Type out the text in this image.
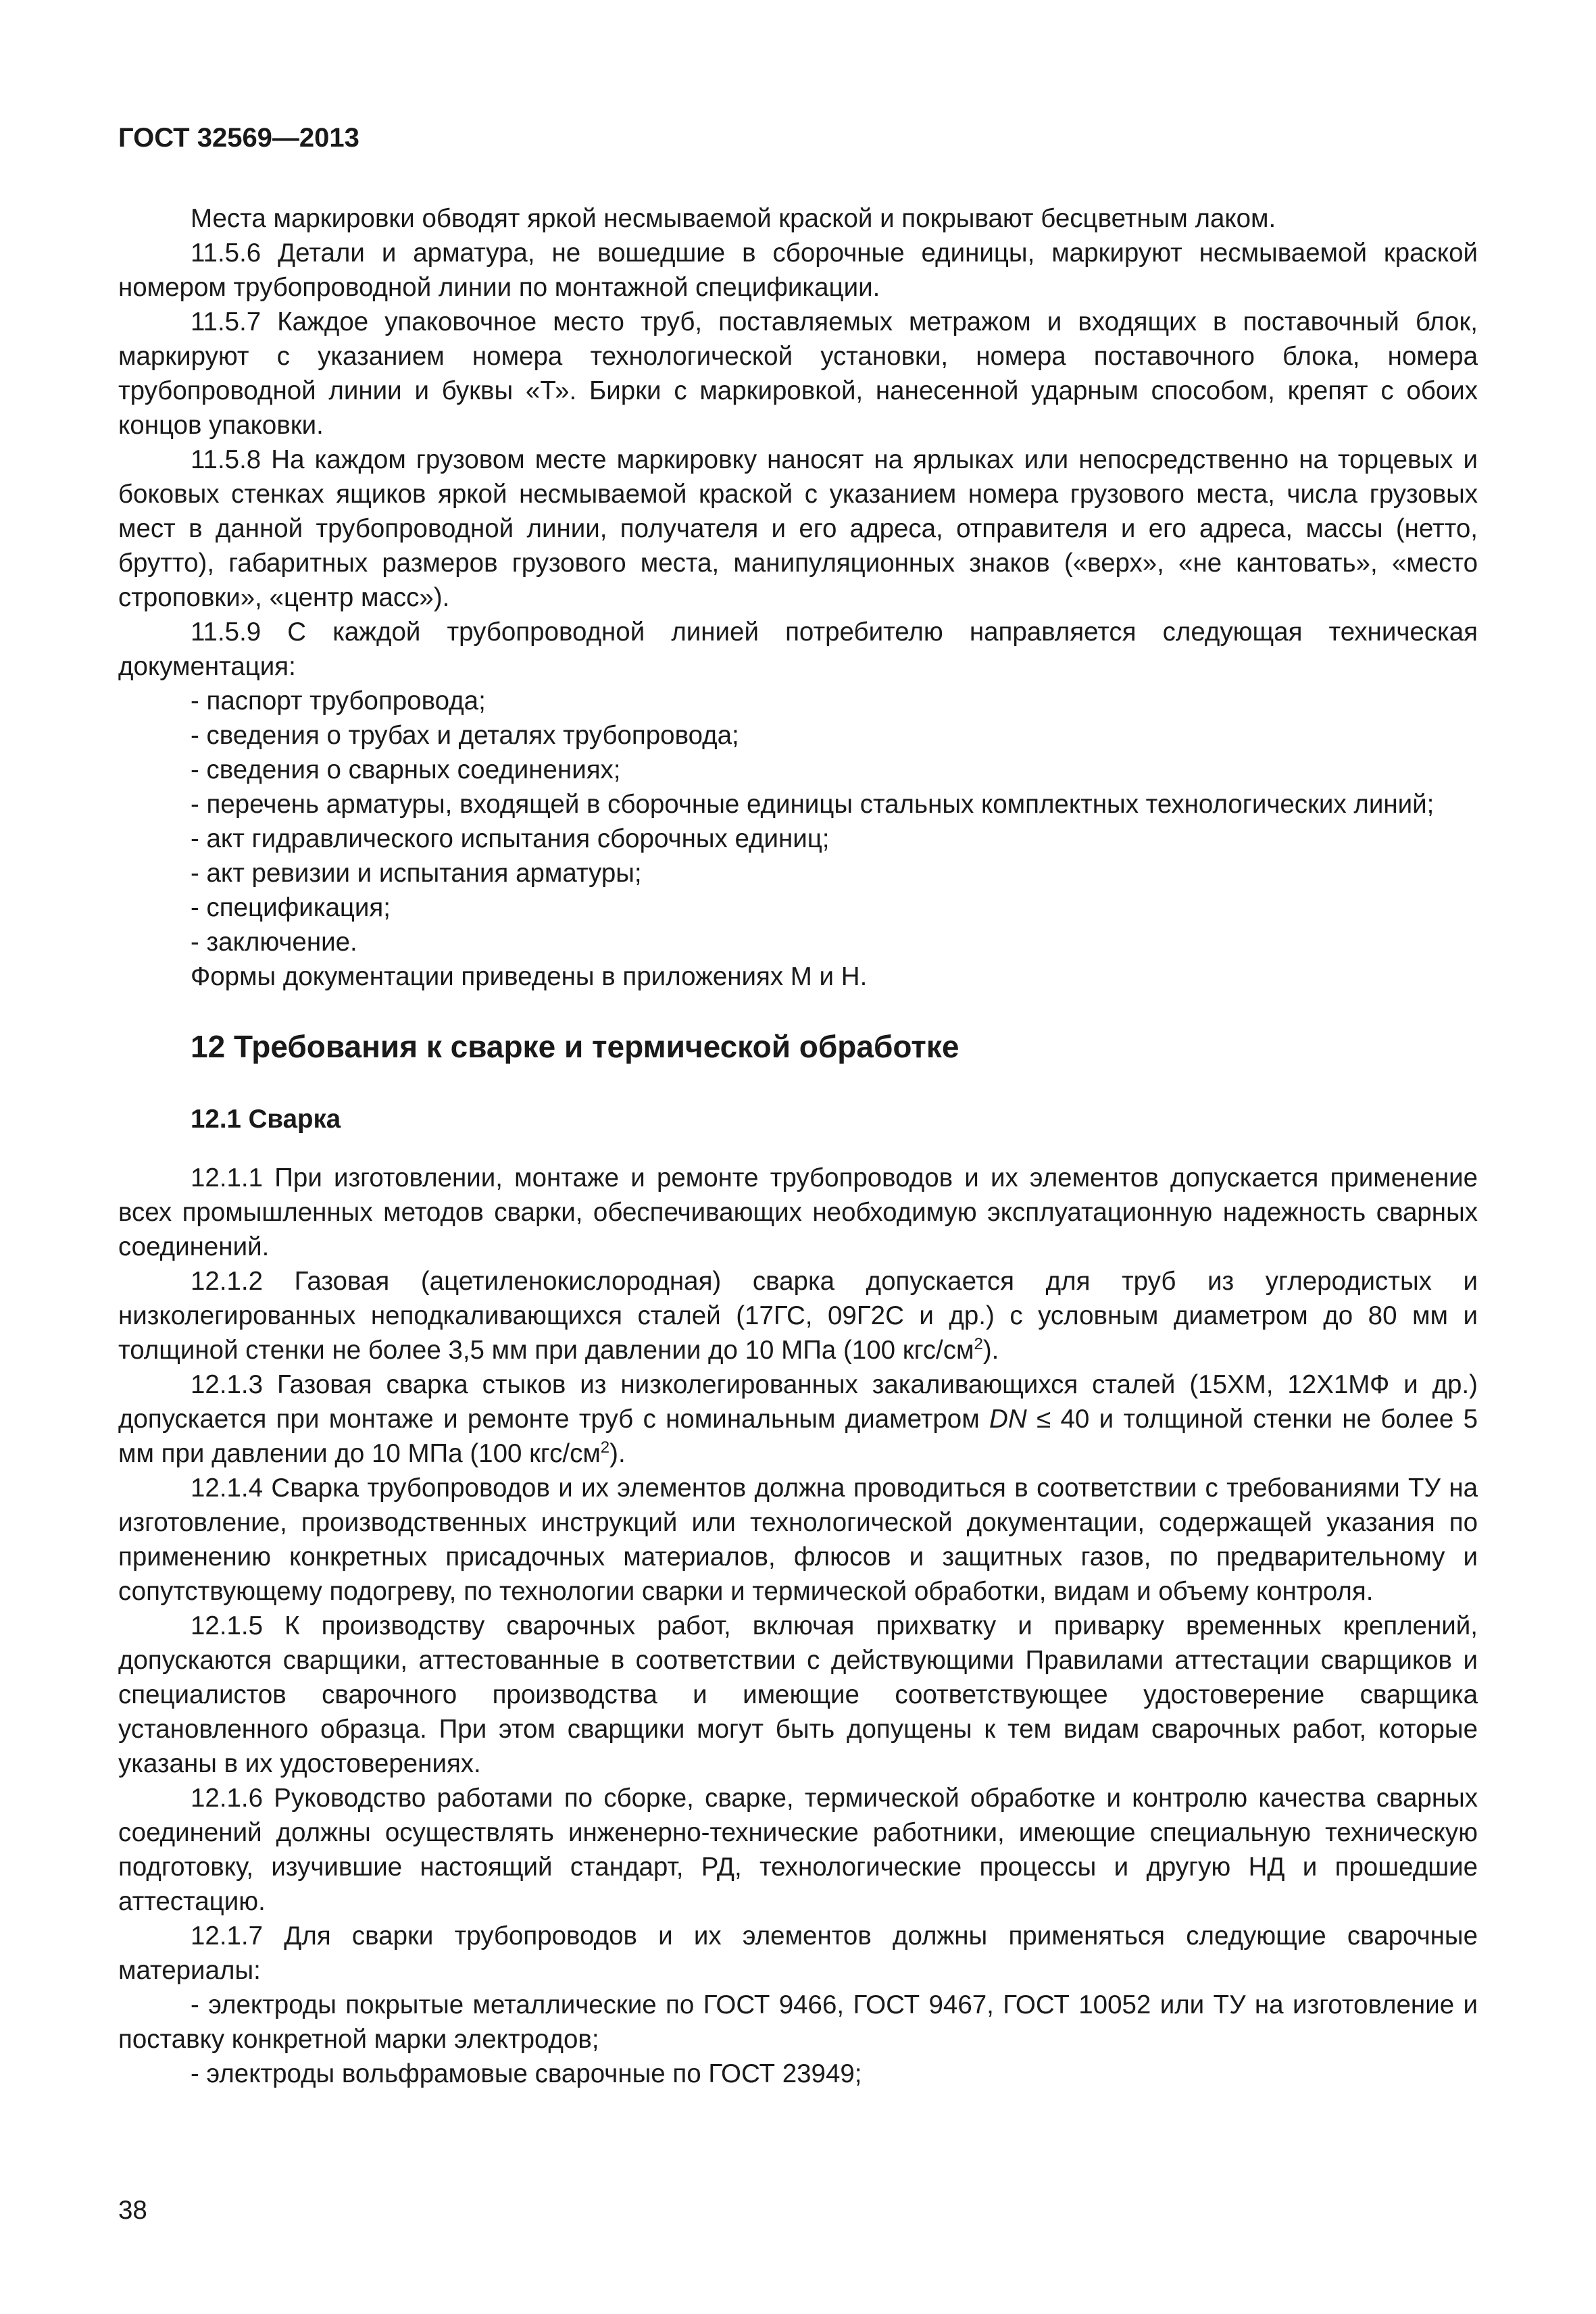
ГОСТ 32569—2013

Места маркировки обводят яркой несмываемой краской и покрывают бесцветным лаком.

11.5.6 Детали и арматура, не вошедшие в сборочные единицы, маркируют несмываемой краской номером трубопроводной линии по монтажной спецификации.

11.5.7 Каждое упаковочное место труб, поставляемых метражом и входящих в поставочный блок, маркируют с указанием номера технологической установки, номера поставочного блока, номера трубопроводной линии и буквы «Т». Бирки с маркировкой, нанесенной ударным способом, крепят с обоих концов упаковки.

11.5.8 На каждом грузовом месте маркировку наносят на ярлыках или непосредственно на торцевых и боковых стенках ящиков яркой несмываемой краской с указанием номера грузового места, числа грузовых мест в данной трубопроводной линии, получателя и его адреса, отправителя и его адреса, массы (нетто, брутто), габаритных размеров грузового места, манипуляционных знаков («верх», «не кантовать», «место строповки», «центр масс»).

11.5.9 С каждой трубопроводной линией потребителю направляется следующая техническая документация:

- паспорт трубопровода;

- сведения о трубах и деталях трубопровода;

- сведения о сварных соединениях;

- перечень арматуры, входящей в сборочные единицы стальных комплектных технологических линий;

- акт гидравлического испытания сборочных единиц;

- акт ревизии и испытания арматуры;

- спецификация;

- заключение.

Формы документации приведены в приложениях М и Н.

12 Требования к сварке и термической обработке
12.1 Сварка

12.1.1 При изготовлении, монтаже и ремонте трубопроводов и их элементов допускается применение всех промышленных методов сварки, обеспечивающих необходимую эксплуатационную надежность сварных соединений.

12.1.2 Газовая (ацетиленокислородная) сварка допускается для труб из углеродистых и низколегированных неподкаливающихся сталей (17ГС, 09Г2С и др.) с условным диаметром до 80 мм и толщиной стенки не более 3,5 мм при давлении до 10 МПа (100 кгс/$см^2$).

12.1.3 Газовая сварка стыков из низколегированных закаливающихся сталей (15ХМ, 12Х1МФ и др.) допускается при монтаже и ремонте труб с номинальным диаметром DN ≤ 40 и толщиной стенки не более 5 мм при давлении до 10 МПа (100 кгс/$см^2$).

12.1.4 Сварка трубопроводов и их элементов должна проводиться в соответствии с требованиями ТУ на изготовление, производственных инструкций или технологической документации, содержащей указания по применению конкретных присадочных материалов, флюсов и защитных газов, по предварительному и сопутствующему подогреву, по технологии сварки и термической обработки, видам и объему контроля.

12.1.5 К производству сварочных работ, включая прихватку и приварку временных креплений, допускаются сварщики, аттестованные в соответствии с действующими Правилами аттестации сварщиков и специалистов сварочного производства и имеющие соответствующее удостоверение сварщика установленного образца. При этом сварщики могут быть допущены к тем видам сварочных работ, которые указаны в их удостоверениях.

12.1.6 Руководство работами по сборке, сварке, термической обработке и контролю качества сварных соединений должны осуществлять инженерно-технические работники, имеющие специальную техническую подготовку, изучившие настоящий стандарт, РД, технологические процессы и другую НД и прошедшие аттестацию.

12.1.7 Для сварки трубопроводов и их элементов должны применяться следующие сварочные материалы:

- электроды покрытые металлические по ГОСТ 9466, ГОСТ 9467, ГОСТ 10052 или ТУ на изготовление и поставку конкретной марки электродов;

- электроды вольфрамовые сварочные по ГОСТ 23949;

38
